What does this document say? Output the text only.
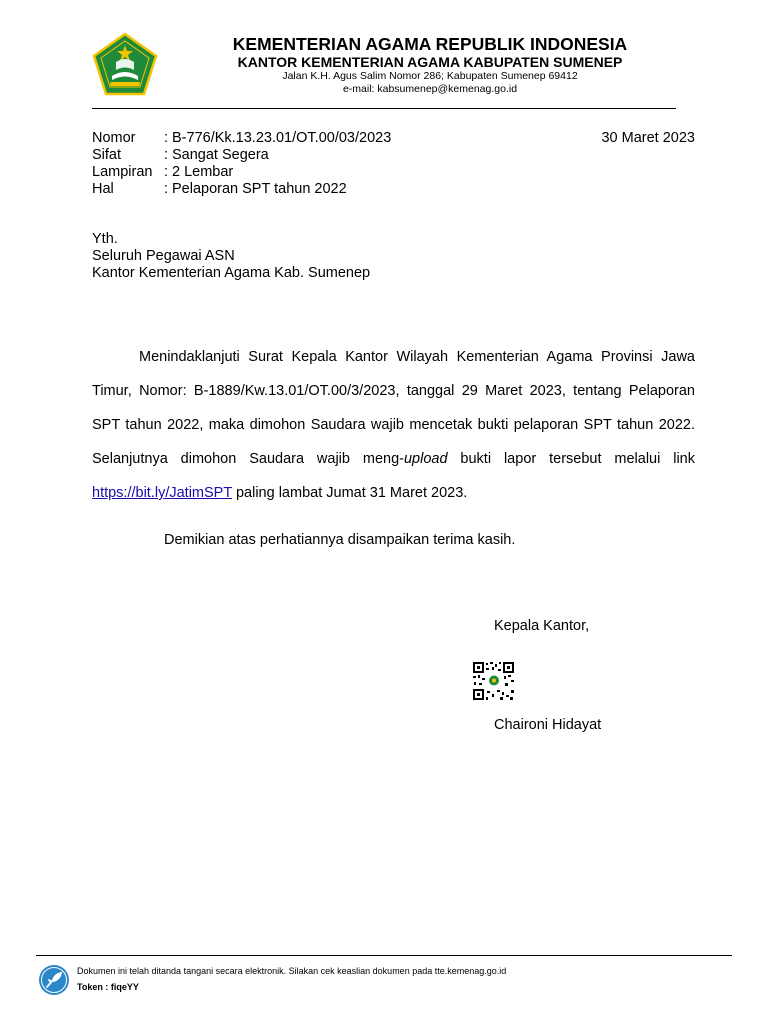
KEMENTERIAN AGAMA REPUBLIK INDONESIA
KANTOR KEMENTERIAN AGAMA KABUPATEN SUMENEP
Jalan K.H. Agus Salim Nomor 286; Kabupaten Sumenep 69412
e-mail: kabsumenep@kemenag.go.id
Nomor	: B-776/Kk.13.23.01/OT.00/03/2023
Sifat	: Sangat Segera
Lampiran : 2 Lembar
Hal	: Pelaporan SPT tahun 2022
30 Maret 2023
Yth.
Seluruh Pegawai ASN
Kantor Kementerian Agama Kab. Sumenep
Menindaklanjuti Surat Kepala Kantor Wilayah Kementerian Agama Provinsi Jawa Timur, Nomor: B-1889/Kw.13.01/OT.00/3/2023, tanggal 29 Maret 2023, tentang Pelaporan SPT tahun 2022, maka dimohon Saudara wajib mencetak bukti pelaporan SPT tahun 2022. Selanjutnya dimohon Saudara wajib meng-upload bukti lapor tersebut melalui link https://bit.ly/JatimSPT paling lambat Jumat 31 Maret 2023.
Demikian atas perhatiannya disampaikan terima kasih.
Kepala Kantor,
Chaironi Hidayat
Dokumen ini telah ditanda tangani secara elektronik. Silakan cek keaslian dokumen pada tte.kemenag.go.id
Token : fiqeYY
